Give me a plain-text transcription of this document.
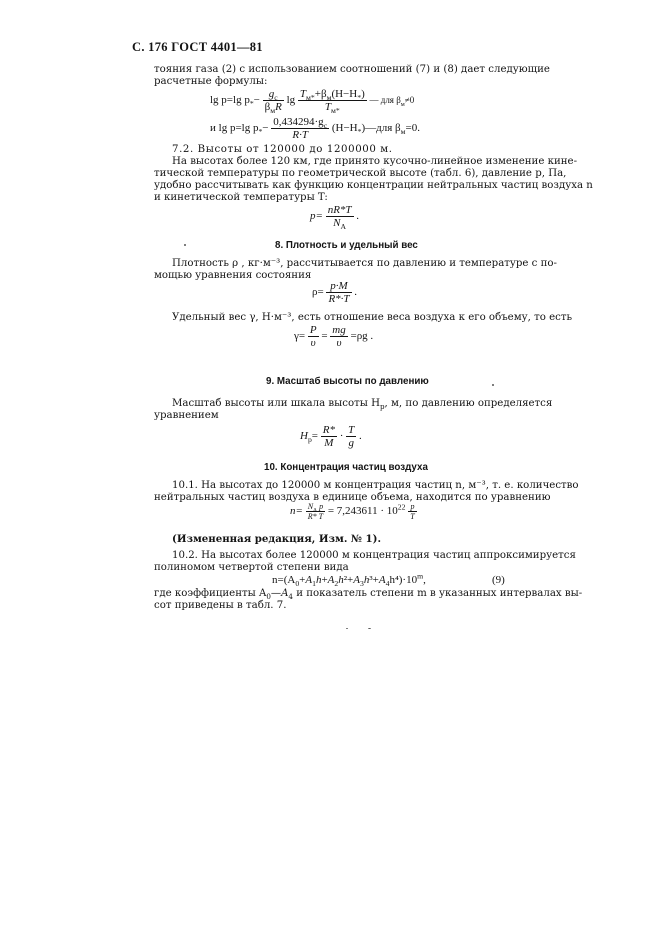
С. 176 ГОСТ 4401—81
тояния газа (2) с использованием соотношений (7) и (8) дает следующие
расчетные формулы:
lg p=lg $p_*-$
$g_c$
$\beta_мR$
lg
$T_{м*}+\beta_м(H-H_*)$
$T_{м*}$
— для $\beta_м\ne 0$
и lg p=lg $p_*- \frac{0,434294\cdot g_c}{R\cdot T}$ $(H-H_*)—для$ $\beta_м=0$.
7.2. Высоты от 120000 до 1200000 м.
На высотах более 120 км, где принято кусочно-линейное изменение кине-
тической температуры по геометрической высоте (табл. 6), давление p, Па,
удобно рассчитывать как функцию концентрации нейтральных частиц воздуха n
и кинетической температуры T:
$p= \frac{nR*T}{N_A}$ .
8. Плотность и удельный вес
Плотность ρ , кг·м⁻³, рассчитывается по давлению и температуре с по-
мощью уравнения состояния
$\rho= \frac{p\cdot M}{R*\cdot T}$ .
Удельный вес γ, Н·м⁻³, есть отношение веса воздуха к его объему, то есть
$\gamma= \frac{P}{\upsilon} = \frac{mg}{\upsilon} =\rho g$ .
9. Масштаб высоты по давлению
Масштаб высоты или шкала высоты $H_p$, м, по давлению определяется
уравнением
$H_p= \frac{R*}{M} \cdot \frac{T}{g}$ .
10. Концентрация частиц воздуха
10.1. На высотах до 120000 м концентрация частиц n, м⁻³, т. е. количество
нейтральных частиц воздуха в единице объема, находится по уравнению
$n= \frac{N_A p}{R* T} = 7,243611 \cdot 10^{22} \frac{p}{T}$
(Измененная редакция, Изм. № 1).
10.2. На высотах более 120000 м концентрация частиц аппроксимируется
полиномом четвертой степени вида
$n=(A_0+A_1h+A_2h^2+A_3h^3+A_4h^4)\cdot 10^m$,	(9)
где коэффициенты $A_0—A_4$ и показатель степени m в указанных интервалах вы-
сот приведены в табл. 7.
